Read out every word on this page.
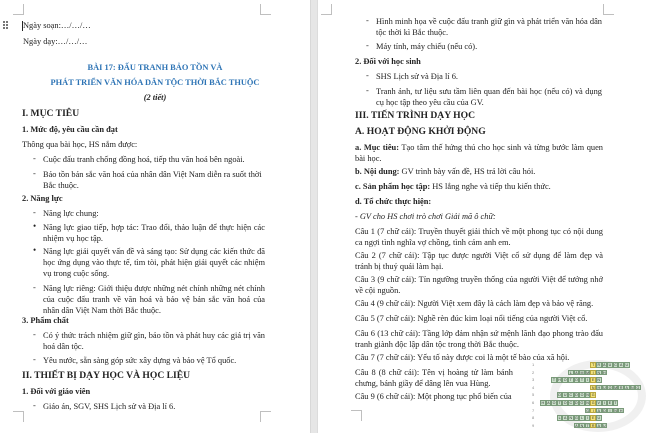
Ngày soạn:…/…/…
Ngày dạy:…/…/…
BÀI 17: ĐẤU TRANH BẢO TỒN VÀ
PHÁT TRIỂN VĂN HÓA DÂN TỘC THỜI BẮC THUỘC
(2 tiết)
I. MỤC TIÊU
1. Mức độ, yêu cầu cần đạt
Thông qua bài học, HS nắm được:
- Cuộc đấu tranh chống đồng hoá, tiếp thu văn hoá bên ngoài.
- Bảo tồn bản sắc văn hoá của nhân dân Việt Nam diễn ra suốt thời Bắc thuộc.
2. Năng lực
- Năng lực chung:
• Năng lực giao tiếp, hợp tác: Trao đổi, thảo luận để thực hiện các nhiệm vụ học tập.
• Năng lực giải quyết vấn đề và sáng tạo: Sử dụng các kiến thức đã học ứng dụng vào thực tế, tìm tòi, phát hiện giải quyết các nhiệm vụ trong cuộc sống.
- Năng lực riêng: Giới thiệu được những nét chính những nét chính của cuộc đấu tranh về văn hoá và bảo vệ bản sắc văn hoá của nhân dân Việt Nam thời Bắc thuộc.
3. Phẩm chất
- Có ý thức trách nhiệm giữ gìn, bảo tồn và phát huy các giá trị văn hoá dân tộc.
- Yêu nước, sẵn sàng góp sức xây dựng và bảo vệ Tổ quốc.
II. THIẾT BỊ DẠY HỌC VÀ HỌC LIỆU
1. Đối với giáo viên
- Giáo án, SGV, SHS Lịch sử và Địa lí 6.
- Hình minh họa về cuộc đấu tranh giữ gìn và phát triển văn hóa dân tộc thời kì Bắc thuộc.
- Máy tính, máy chiếu (nếu có).
2. Đối với học sinh
- SHS Lịch sử và Địa lí 6.
- Tranh ảnh, tư liệu sưu tầm liên quan đến bài học (nếu có) và dụng cụ học tập theo yêu cầu của GV.
III. TIẾN TRÌNH DẠY HỌC
A. HOẠT ĐỘNG KHỞI ĐỘNG
a. Mục tiêu: Tạo tâm thế hứng thú cho học sinh và từng bước làm quen bài học.
b. Nội dung: GV trình bày vấn đề, HS trả lời câu hỏi.
c. Sản phẩm học tập: HS lắng nghe và tiếp thu kiến thức.
d. Tổ chức thực hiện:
- GV cho HS chơi trò chơi Giải mã ô chữ:
Câu 1 (7 chữ cái): Truyền thuyết giải thích về một phong tục có nội dung ca ngợi tình nghĩa vợ chồng, tình cảm anh em.
Câu 2 (7 chữ cái): Tập tục được người Việt cổ sử dụng để làm đẹp và tránh bị thuỷ quái làm hại.
Câu 3 (9 chữ cái): Tín ngưỡng truyền thống của người Việt để tưởng nhớ về cội nguồn.
Câu 4 (9 chữ cái): Người Việt xem đây là cách làm đẹp và bảo vệ răng.
Câu 5 (7 chữ cái): Nghề rèn đúc kim loại nổi tiếng của người Việt cổ.
Câu 6 (13 chữ cái): Tầng lớp đảm nhận sứ mệnh lãnh đạo phong trào đấu tranh giành độc lập dân tộc trong thời Bắc thuộc.
Câu 7 (7 chữ cái): Yếu tố này được coi là một tế bào của xã hội.
Câu 8 (8 chữ cái): Tên vị hoàng tử làm bánh chưng, bánh giầy để dâng lên vua Hùng.
Câu 9 (6 chữ cái): Một phong tục phổ biến của
1	T R A U C A U
2	L A M M I	N H
3	T H O T O T	I	E N
4	N H U O M R A N G
5	D U C D O N G
6	H A O T O C D O N G V	I	E T
7	G	I	A D	I	N H
8	L A N G L	I	E U
9	A N T R A U
